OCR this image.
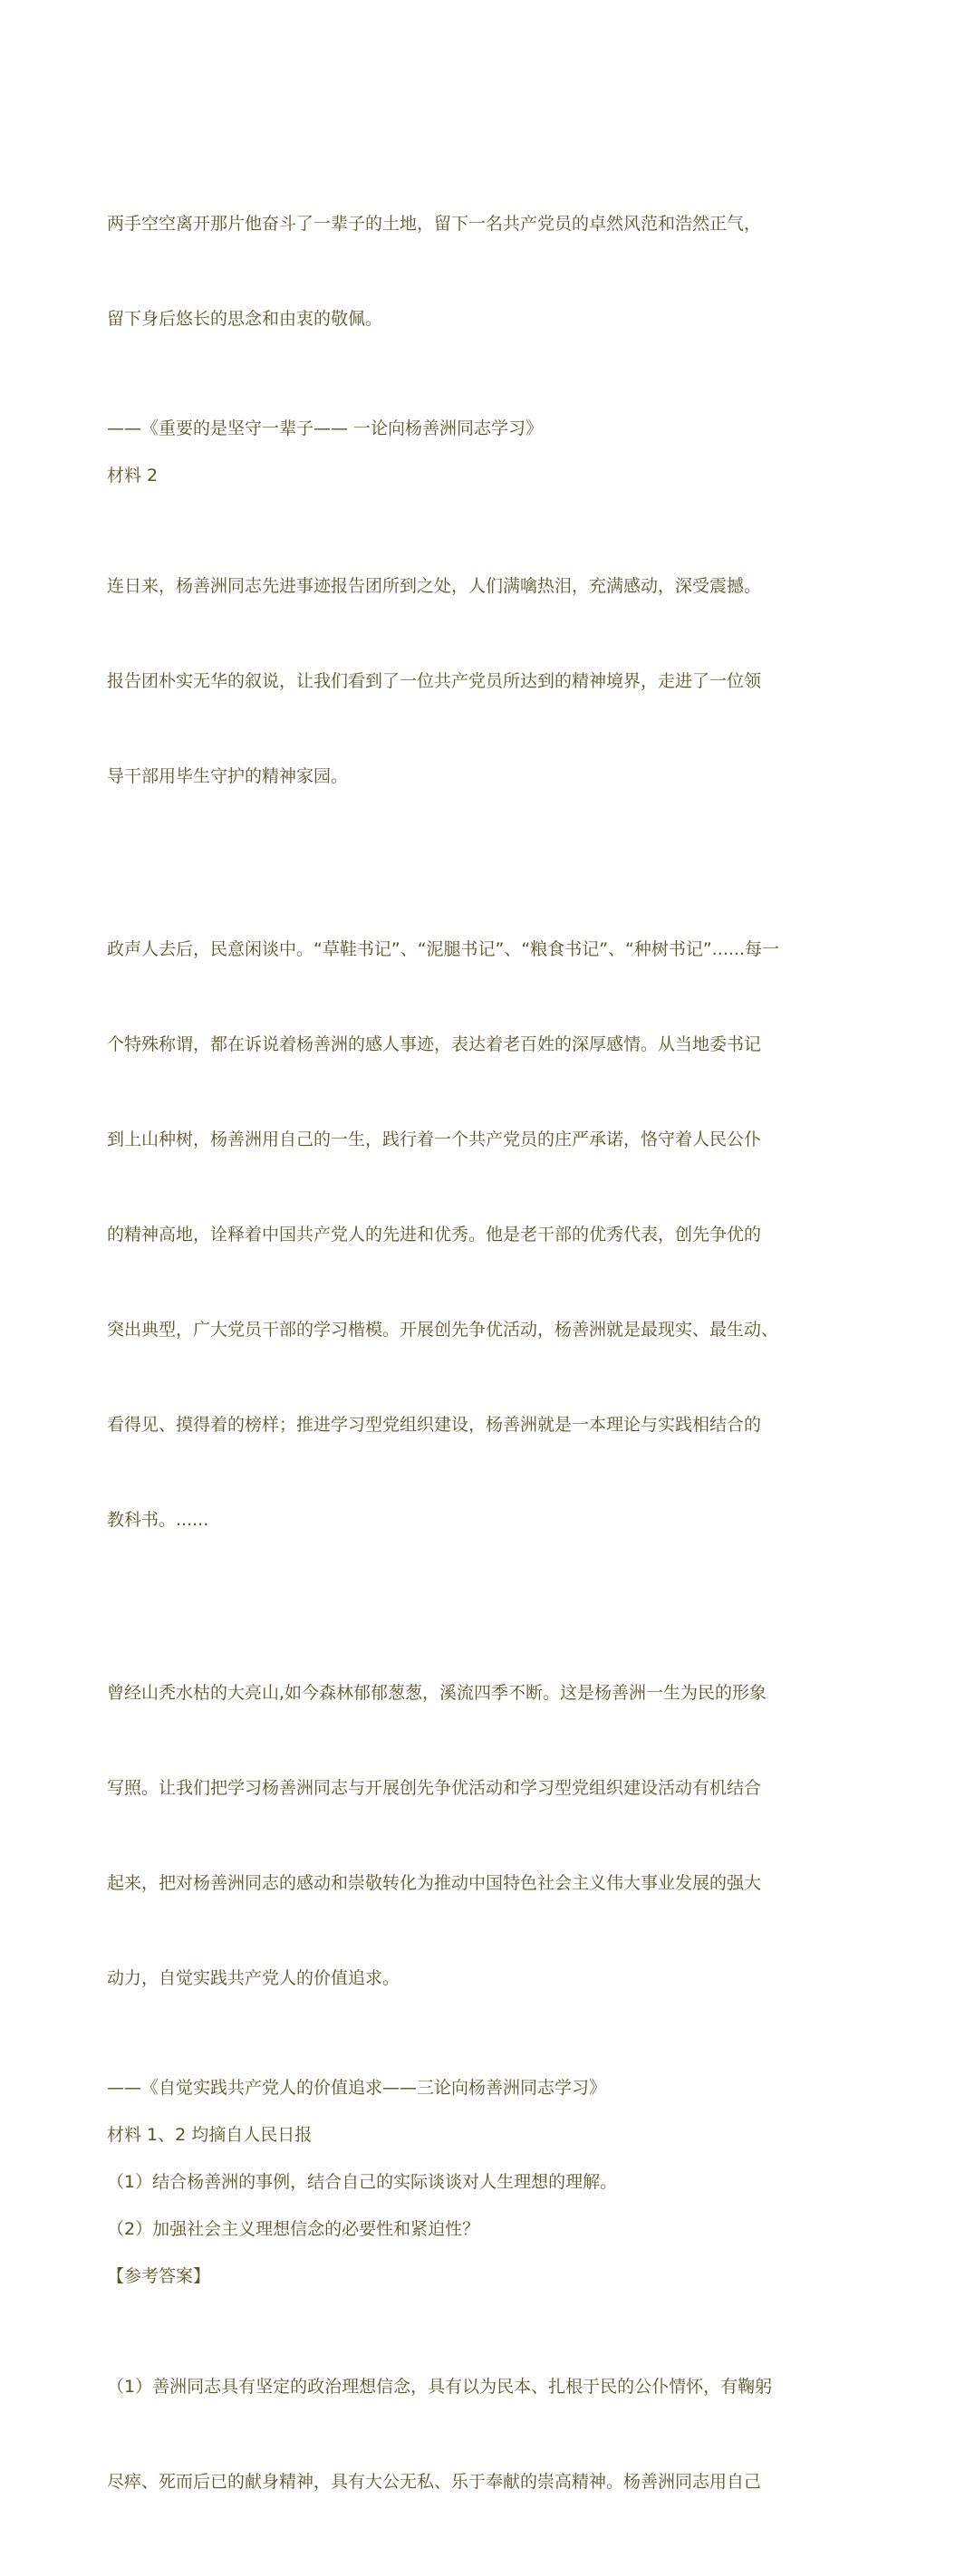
两手空空离开那片他奋斗了一辈子的土地，留下一名共产党员的卓然风范和浩然正气，

留下身后悠长的思念和由衷的敬佩。

——《重要的是坚守一辈子—— 一论向杨善洲同志学习》
材料 2

连日来，杨善洲同志先进事迹报告团所到之处，人们满噙热泪，充满感动，深受震撼。

报告团朴实无华的叙说，让我们看到了一位共产党员所达到的精神境界，走进了一位领

导干部用毕生守护的精神家园。

政声人去后，民意闲谈中。“草鞋书记”、“泥腿书记”、“粮食书记”、“种树书记”......每一

个特殊称谓，都在诉说着杨善洲的感人事迹，表达着老百姓的深厚感情。从当地委书记

到上山种树，杨善洲用自己的一生，践行着一个共产党员的庄严承诺，恪守着人民公仆

的精神高地，诠释着中国共产党人的先进和优秀。他是老干部的优秀代表，创先争优的

突出典型，广大党员干部的学习楷模。开展创先争优活动，杨善洲就是最现实、最生动、

看得见、摸得着的榜样；推进学习型党组织建设，杨善洲就是一本理论与实践相结合的

教科书。......

曾经山秃水枯的大亮山,如今森林郁郁葱葱，溪流四季不断。这是杨善洲一生为民的形象

写照。让我们把学习杨善洲同志与开展创先争优活动和学习型党组织建设活动有机结合

起来，把对杨善洲同志的感动和崇敬转化为推动中国特色社会主义伟大事业发展的强大

动力，自觉实践共产党人的价值追求。

——《自觉实践共产党人的价值追求——三论向杨善洲同志学习》
材料 1、2 均摘自人民日报
（1）结合杨善洲的事例，结合自己的实际谈谈对人生理想的理解。
（2）加强社会主义理想信念的必要性和紧迫性？
【参考答案】

（1）善洲同志具有坚定的政治理想信念，具有以为民本、扎根于民的公仆情怀，有鞠躬

尽瘁、死而后已的献身精神，具有大公无私、乐于奉献的崇高精神。杨善洲同志用自己
